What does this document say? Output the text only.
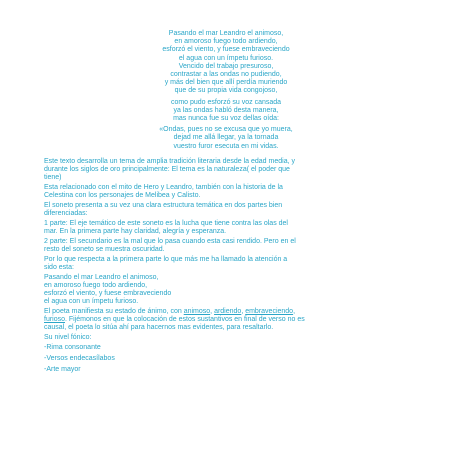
Pasando el mar Leandro el animoso,
en amoroso fuego todo ardiendo,
esforzó el viento, y fuese embraveciendo
el agua con un ímpetu furioso.
Vencido del trabajo presuroso,
contrastar a las ondas no pudiendo,
y más del bien que allí perdía muriendo
que de su propia vida congojoso,
como pudo esforzó su voz cansada
ya las ondas habló desta manera,
mas nunca fue su voz dellas oída:
«Ondas, pues no se excusa que yo muera,
dejad me allá llegar, ya la tornada
vuestro furor esecuta en mi vidas.
Este texto desarrolla un tema de amplia tradición literaria desde la edad media, y
durante los siglos de oro principalmente: El tema es la naturaleza( el poder que
tiene)
Esta relacionado con el mito de Hero y Leandro, también con la historia de la
Celestina con los personajes de Melibea y Calisto.
El soneto presenta a su vez una clara estructura temática en dos partes bien
diferenciadas:
1 parte: El eje temático de este soneto es la lucha que tiene contra las olas del
mar. En la primera parte hay claridad, alegría y esperanza.
2 parte: El secundario es la mal que lo pasa cuando esta casi rendido. Pero en el
resto del soneto se muestra oscuridad.
Por lo que respecta a la primera parte lo que más me ha llamado la atención a
sido esta:
Pasando el mar Leandro el animoso,
en amoroso fuego todo ardiendo,
esforzó el viento, y fuese embraveciendo
el agua con un ímpetu furioso.
El poeta manifiesta su estado de ánimo, con animoso, ardiendo, embraveciendo,
furioso. Fijémonos en que la colocación de estos sustantivos en final de verso no es
causal, el poeta lo sitúa ahí para hacernos mas evidentes, para resaltarlo.
Su nivel fónico:
-Rima consonante
-Versos endecasílabos
-Arte mayor
